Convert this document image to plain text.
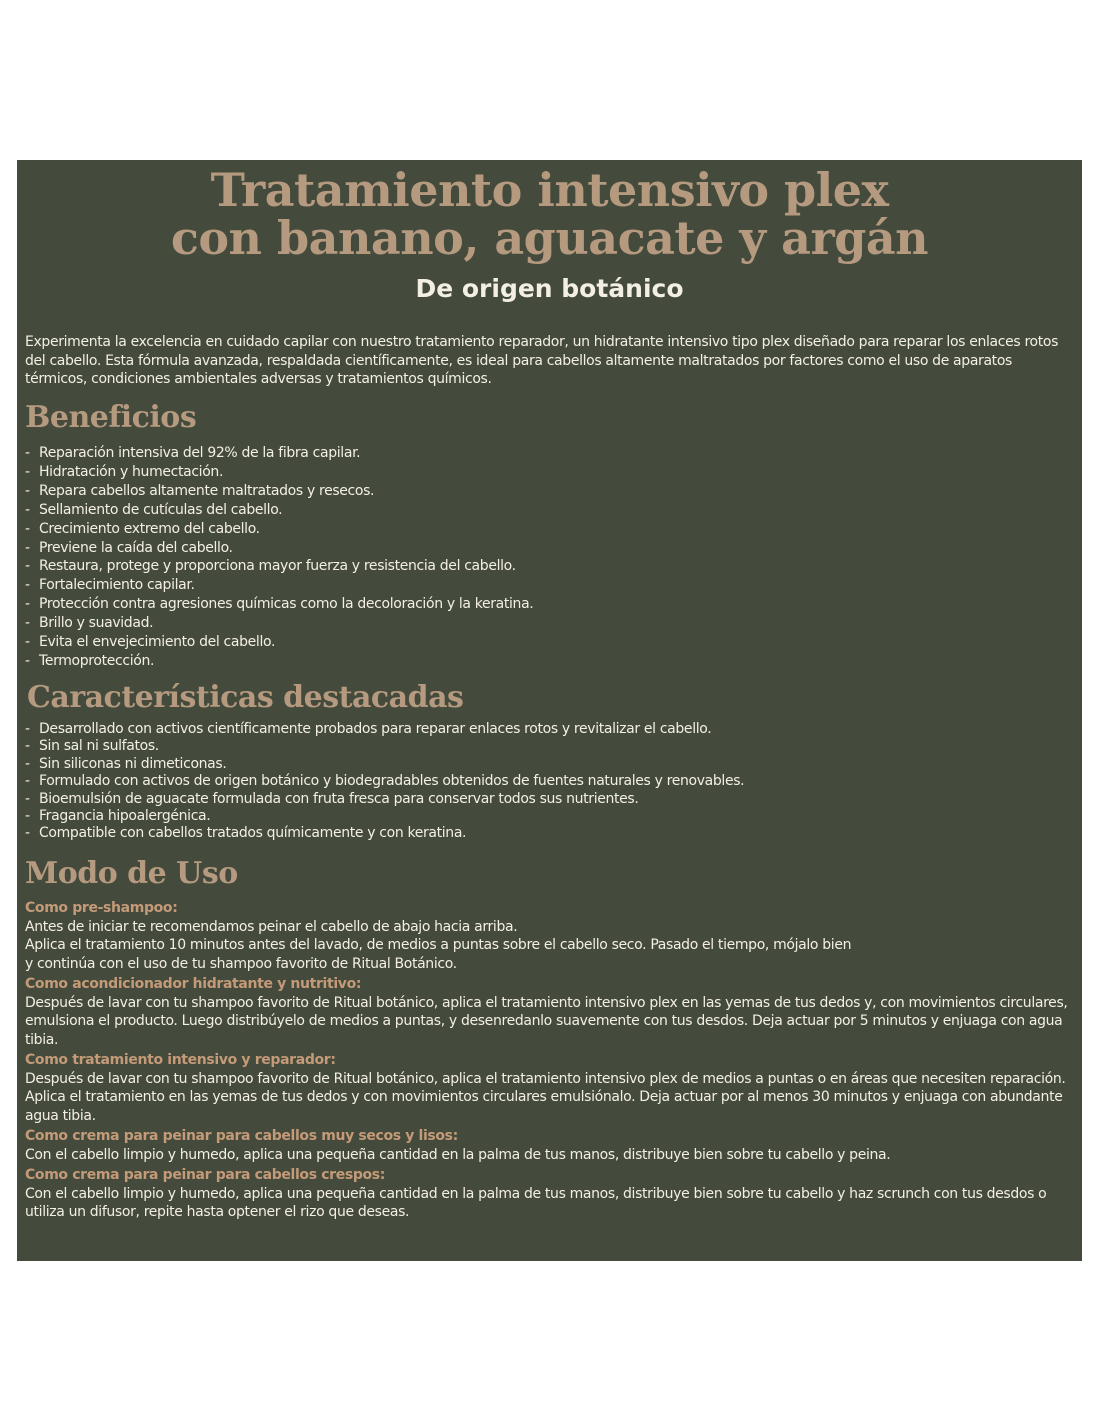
Tratamiento intensivo plex
con banano, aguacate y argán
De origen botánico

Experimenta la excelencia en cuidado capilar con nuestro tratamiento reparador, un hidratante intensivo tipo plex diseñado para reparar los enlaces rotos del cabello. Esta fórmula avanzada, respaldada científicamente, es ideal para cabellos altamente maltratados por factores como el uso de aparatos térmicos, condiciones ambientales adversas y tratamientos químicos.

Beneficios
- Reparación intensiva del 92% de la fibra capilar.
- Hidratación y humectación.
- Repara cabellos altamente maltratados y resecos.
- Sellamiento de cutículas del cabello.
- Crecimiento extremo del cabello.
- Previene la caída del cabello.
- Restaura, protege y proporciona mayor fuerza y resistencia del cabello.
- Fortalecimiento capilar.
- Protección contra agresiones químicas como la decoloración y la keratina.
- Brillo y suavidad.
- Evita el envejecimiento del cabello.
- Termoprotección.
Características destacadas
- Desarrollado con activos científicamente probados para reparar enlaces rotos y revitalizar el cabello.
- Sin sal ni sulfatos.
- Sin siliconas ni dimeticonas.
- Formulado con activos de origen botánico y biodegradables obtenidos de fuentes naturales y renovables.
- Bioemulsión de aguacate formulada con fruta fresca para conservar todos sus nutrientes.
- Fragancia hipoalergénica.
- Compatible con cabellos tratados químicamente y con keratina.
Modo de Uso

Como pre-shampoo:

Antes de iniciar te recomendamos peinar el cabello de abajo hacia arriba.

Aplica el tratamiento 10 minutos antes del lavado, de medios a puntas sobre el cabello seco. Pasado el tiempo, mójalo bien

y continúa con el uso de tu shampoo favorito de Ritual Botánico.

Como acondicionador hidratante y nutritivo:

Después de lavar con tu shampoo favorito de Ritual botánico, aplica el tratamiento intensivo plex en las yemas de tus dedos y, con movimientos circulares, emulsiona el producto. Luego distribúyelo de medios a puntas, y desenredanlo suavemente con tus desdos. Deja actuar por 5 minutos y enjuaga con agua tibia.

Como tratamiento intensivo y reparador:

Después de lavar con tu shampoo favorito de Ritual botánico, aplica el tratamiento intensivo plex de medios a puntas o en áreas que necesiten reparación. Aplica el tratamiento en las yemas de tus dedos y con movimientos circulares emulsiónalo. Deja actuar por al menos 30 minutos y enjuaga con abundante agua tibia.

Como crema para peinar para cabellos muy secos y lisos:

Con el cabello limpio y humedo, aplica una pequeña cantidad en la palma de tus manos, distribuye bien sobre tu cabello y peina.

Como crema para peinar para cabellos crespos:

Con el cabello limpio y humedo, aplica una pequeña cantidad en la palma de tus manos, distribuye bien sobre tu cabello y haz scrunch con tus desdos o utiliza un difusor, repite hasta optener el rizo que deseas.
